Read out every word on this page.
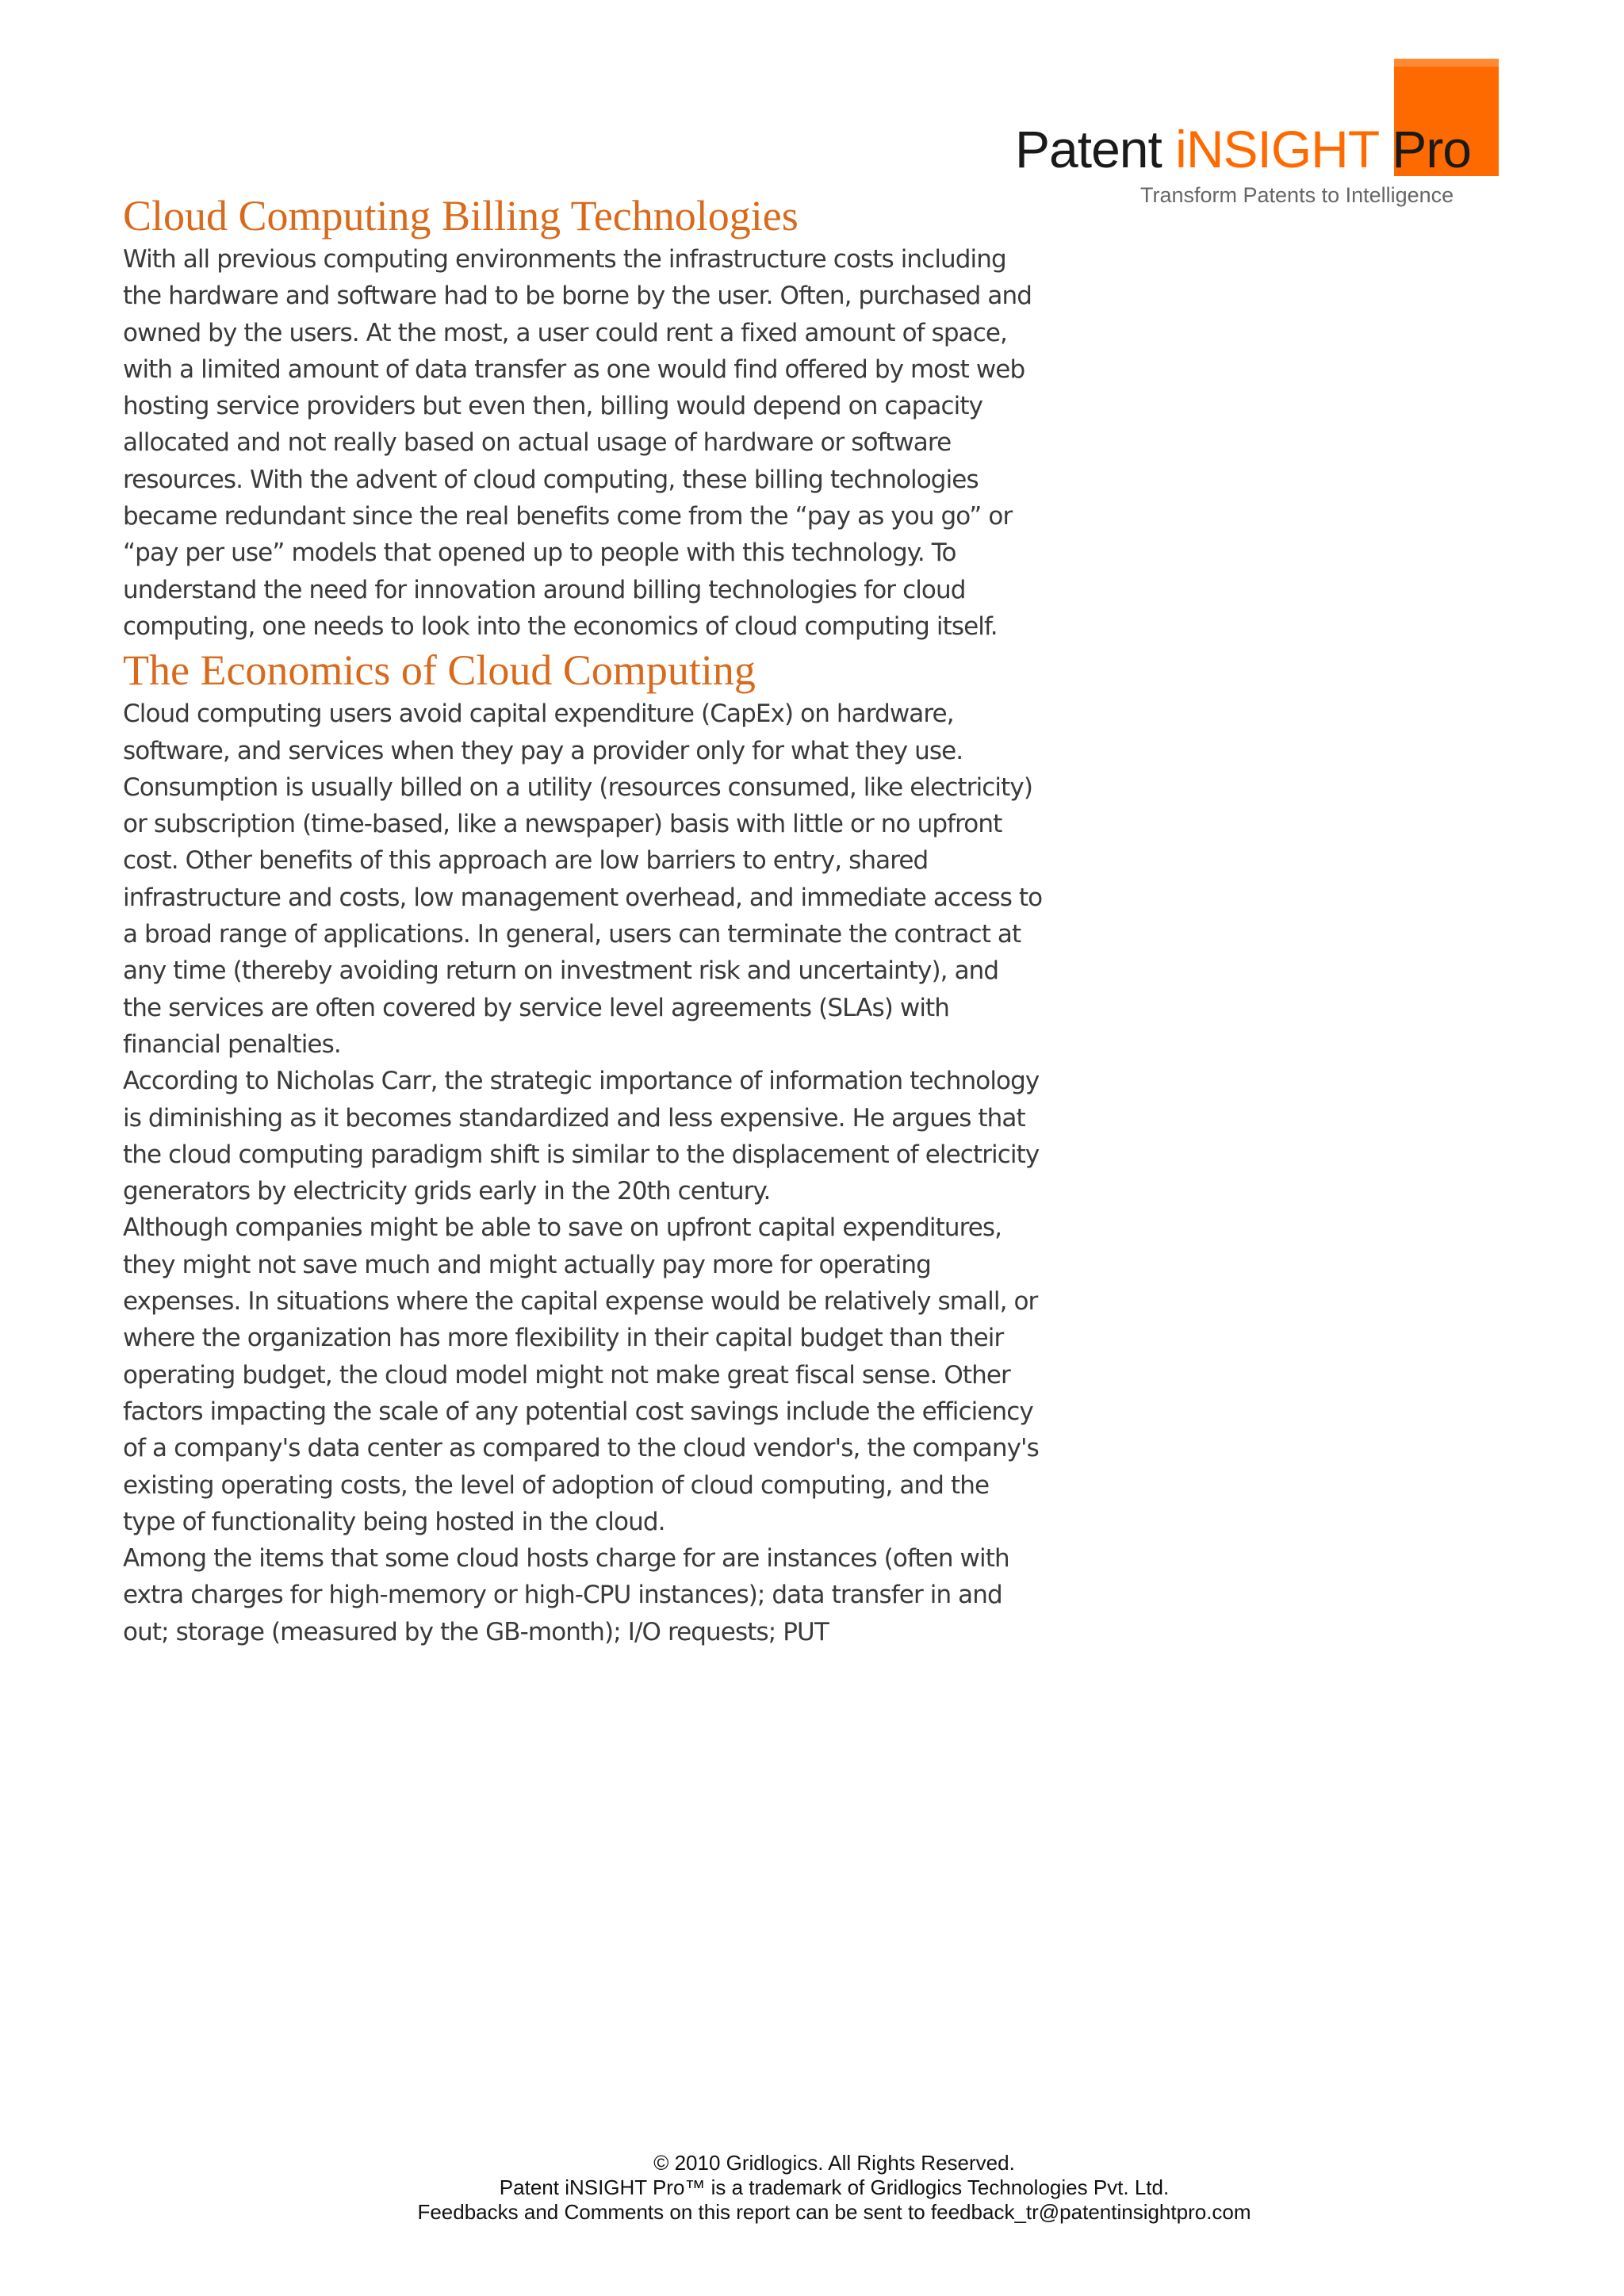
Patent iNSIGHT Pro
Transform Patents to Intelligence
Cloud Computing Billing Technologies

With all previous computing environments the infrastructure costs including the hardware and software had to be borne by the user. Often, purchased and owned by the users. At the most, a user could rent a fixed amount of space, with a limited amount of data transfer as one would find offered by most web hosting service providers but even then, billing would depend on capacity allocated and not really based on actual usage of hardware or software resources. With the advent of cloud computing, these billing technologies became redundant since the real benefits come from the “pay as you go” or “pay per use” models that opened up to people with this technology. To understand the need for innovation around billing technologies for cloud computing, one needs to look into the economics of cloud computing itself.

The Economics of Cloud Computing

Cloud computing users avoid capital expenditure (CapEx) on hardware, software, and services when they pay a provider only for what they use. Consumption is usually billed on a utility (resources consumed, like electricity) or subscription (time-based, like a newspaper) basis with little or no upfront cost. Other benefits of this approach are low barriers to entry, shared infrastructure and costs, low management overhead, and immediate access to a broad range of applications. In general, users can terminate the contract at any time (thereby avoiding return on investment risk and uncertainty), and the services are often covered by service level agreements (SLAs) with financial penalties.

According to Nicholas Carr, the strategic importance of information technology is diminishing as it becomes standardized and less expensive. He argues that the cloud computing paradigm shift is similar to the displacement of electricity generators by electricity grids early in the 20th century.

Although companies might be able to save on upfront capital expenditures, they might not save much and might actually pay more for operating expenses. In situations where the capital expense would be relatively small, or where the organization has more flexibility in their capital budget than their operating budget, the cloud model might not make great fiscal sense. Other factors impacting the scale of any potential cost savings include the efficiency of a company's data center as compared to the cloud vendor's, the company's existing operating costs, the level of adoption of cloud computing, and the type of functionality being hosted in the cloud.

Among the items that some cloud hosts charge for are instances (often with extra charges for high-memory or high-CPU instances); data transfer in and out; storage (measured by the GB-month); I/O requests; PUT

© 2010 Gridlogics. All Rights Reserved.
Patent iNSIGHT Pro™ is a trademark of Gridlogics Technologies Pvt. Ltd.
Feedbacks and Comments on this report can be sent to feedback_tr@patentinsightpro.com
